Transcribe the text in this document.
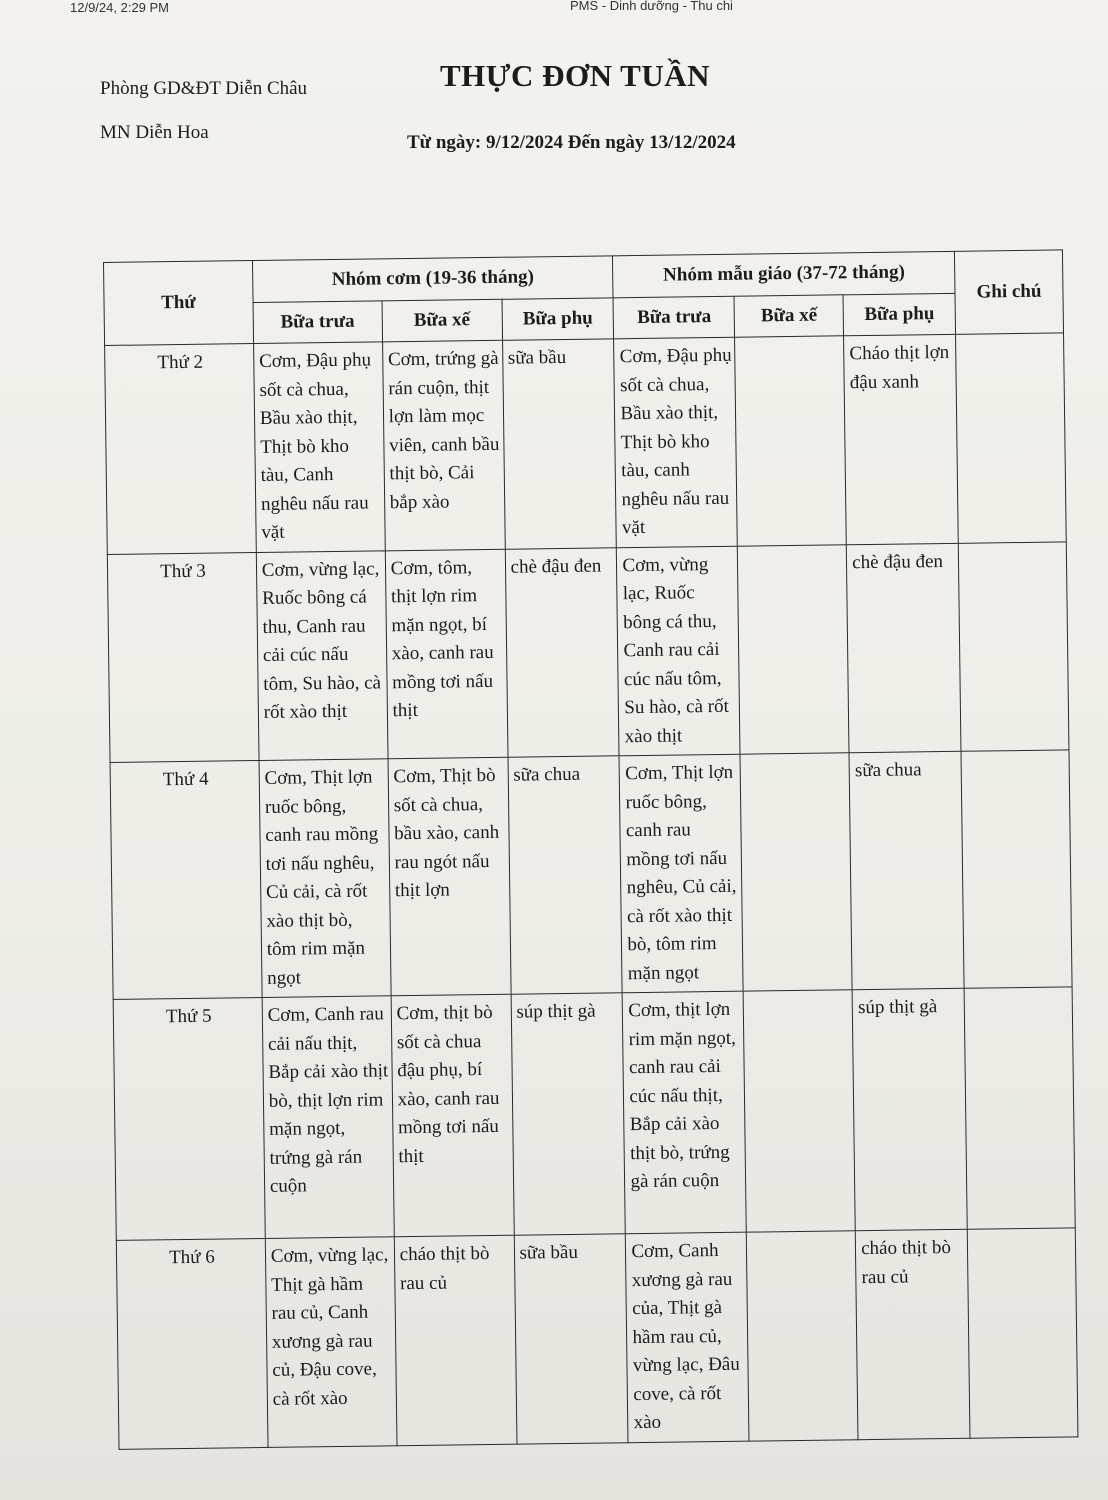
12/9/24, 2:29 PM	PMS - Dinh dưỡng - Thu chi
Phòng GD&ĐT Diễn Châu
MN Diễn Hoa
THỰC ĐƠN TUẦN
Từ ngày: 9/12/2024 Đến ngày 13/12/2024
Thứ	Nhóm cơm (19-36 tháng)			Nhóm mẫu giáo (37-72 tháng)			Ghi chú
	Bữa trưa	Bữa xế	Bữa phụ	Bữa trưa	Bữa xế	Bữa phụ	
Thứ 2	Cơm, Đậu phụ sốt cà chua, Bầu xào thịt, Thịt bò kho tàu, Canh nghêu nấu rau vặt	Cơm, trứng gà rán cuộn, thịt lợn làm mọc viên, canh bầu thịt bò, Cải bắp xào	sữa bầu	Cơm, Đậu phụ sốt cà chua, Bầu xào thịt, Thịt bò kho tàu, canh nghêu nấu rau vặt		Cháo thịt lợn đậu xanh	
Thứ 3	Cơm, vừng lạc, Ruốc bông cá thu, Canh rau cải cúc nấu tôm, Su hào, cà rốt xào thịt	Cơm, tôm, thịt lợn rim mặn ngọt, bí xào, canh rau mồng tơi nấu thịt	chè đậu đen	Cơm, vừng lạc, Ruốc bông cá thu, Canh rau cải cúc nấu tôm, Su hào, cà rốt xào thịt		chè đậu đen	
Thứ 4	Cơm, Thịt lợn ruốc bông, canh rau mồng tơi nấu nghêu, Củ cải, cà rốt xào thịt bò, tôm rim mặn ngọt	Cơm, Thịt bò sốt cà chua, bầu xào, canh rau ngót nấu thịt lợn	sữa chua	Cơm, Thịt lợn ruốc bông, canh rau mồng tơi nấu nghêu, Củ cải, cà rốt xào thịt bò, tôm rim mặn ngọt		sữa chua	
Thứ 5	Cơm, Canh rau cải nấu thịt, Bắp cải xào thịt bò, thịt lợn rim mặn ngọt, trứng gà rán cuộn	Cơm, thịt bò sốt cà chua đậu phụ, bí xào, canh rau mồng tơi nấu thịt	súp thịt gà	Cơm, thịt lợn rim mặn ngọt, canh rau cải cúc nấu thịt, Bắp cải xào thịt bò, trứng gà rán cuộn		súp thịt gà	
Thứ 6	Cơm, vừng lạc, Thịt gà hầm rau củ, Canh xương gà rau củ, Đậu cove, cà rốt xào	cháo thịt bò rau củ	sữa bầu	Cơm, Canh xương gà rau của, Thịt gà hầm rau củ, vừng lạc, Đâu cove, cà rốt xào		cháo thịt bò rau củ	
